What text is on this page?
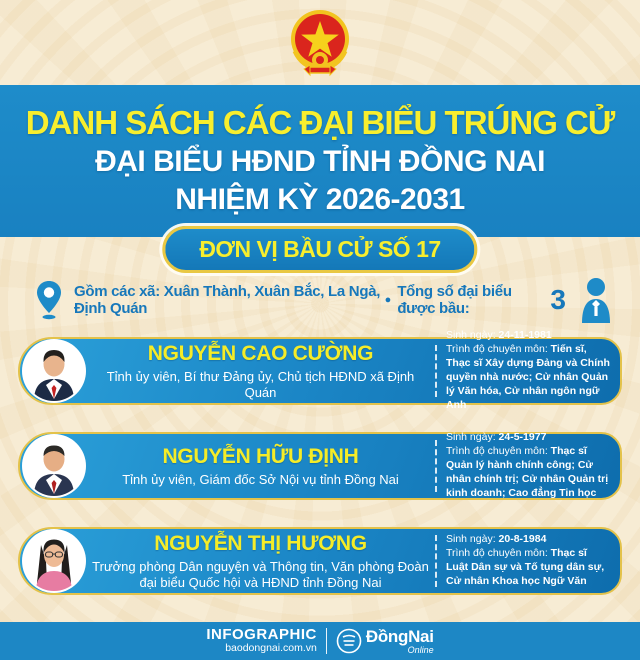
DANH SÁCH CÁC ĐẠI BIỂU TRÚNG CỬ
ĐẠI BIỂU HĐND TỈNH ĐỒNG NAI
NHIỆM KỲ 2026-2031
ĐƠN VỊ BẦU CỬ SỐ 17
Gồm các xã: Xuân Thành, Xuân Bắc, La Ngà, Định Quán	● Tổng số đại biểu được bầu:	3
NGUYỄN CAO CƯỜNG
Tỉnh ủy viên, Bí thư Đảng ủy, Chủ tịch HĐND xã Định Quán
Sinh ngày: 24-11-1981
Trình độ chuyên môn: Tiến sĩ, Thạc sĩ Xây dựng Đảng và Chính quyền nhà nước; Cử nhân Quản lý Văn hóa, Cử nhân ngôn ngữ Anh
NGUYỄN HỮU ĐỊNH
Tỉnh ủy viên, Giám đốc Sở Nội vụ tỉnh Đồng Nai
Sinh ngày: 24-5-1977
Trình độ chuyên môn: Thạc sĩ Quản lý hành chính công; Cử nhân chính trị; Cử nhân Quản trị kinh doanh; Cao đẳng Tin học
NGUYỄN THỊ HƯƠNG
Trưởng phòng Dân nguyện và Thông tin, Văn phòng Đoàn đại biểu Quốc hội và HĐND tỉnh Đồng Nai
Sinh ngày: 20-8-1984
Trình độ chuyên môn: Thạc sĩ Luật Dân sự và Tố tụng dân sự, Cử nhân Khoa học Ngữ Văn
INFOGRAPHIC
baodongnai.com.vn
ĐồngNai
Online
